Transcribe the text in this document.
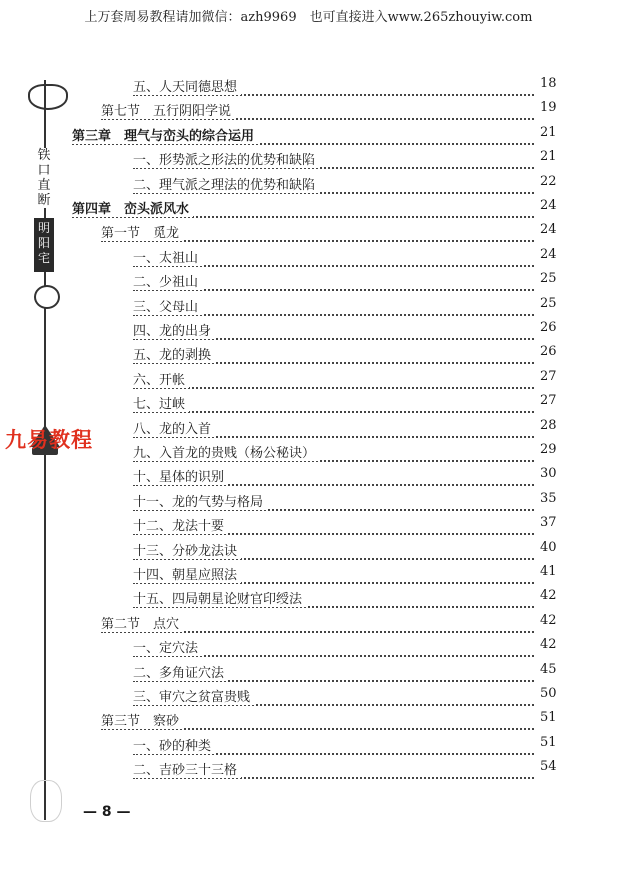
上万套周易教程请加微信：azh9969　也可直接进入www.265zhouyiw.com
铁口直断
明阳宅
九易教程
五、人天同德思想	18
第七节　五行阴阳学说	19
第三章　理气与峦头的综合运用	21
一、形势派之形法的优势和缺陷	21
二、理气派之理法的优势和缺陷	22
第四章　峦头派风水	24
第一节　觅龙	24
一、太祖山	24
二、少祖山	25
三、父母山	25
四、龙的出身	26
五、龙的剥换	26
六、开帐	27
七、过峡	27
八、龙的入首	28
九、入首龙的贵贱（杨公秘诀）	29
十、星体的识别	30
十一、龙的气势与格局	35
十二、龙法十要	37
十三、分砂龙法诀	40
十四、朝星应照法	41
十五、四局朝星论财官印绶法	42
第二节　点穴	42
一、定穴法	42
二、多角证穴法	45
三、审穴之贫富贵贱	50
第三节　察砂	51
一、砂的种类	51
二、吉砂三十三格	54
— 8 —
